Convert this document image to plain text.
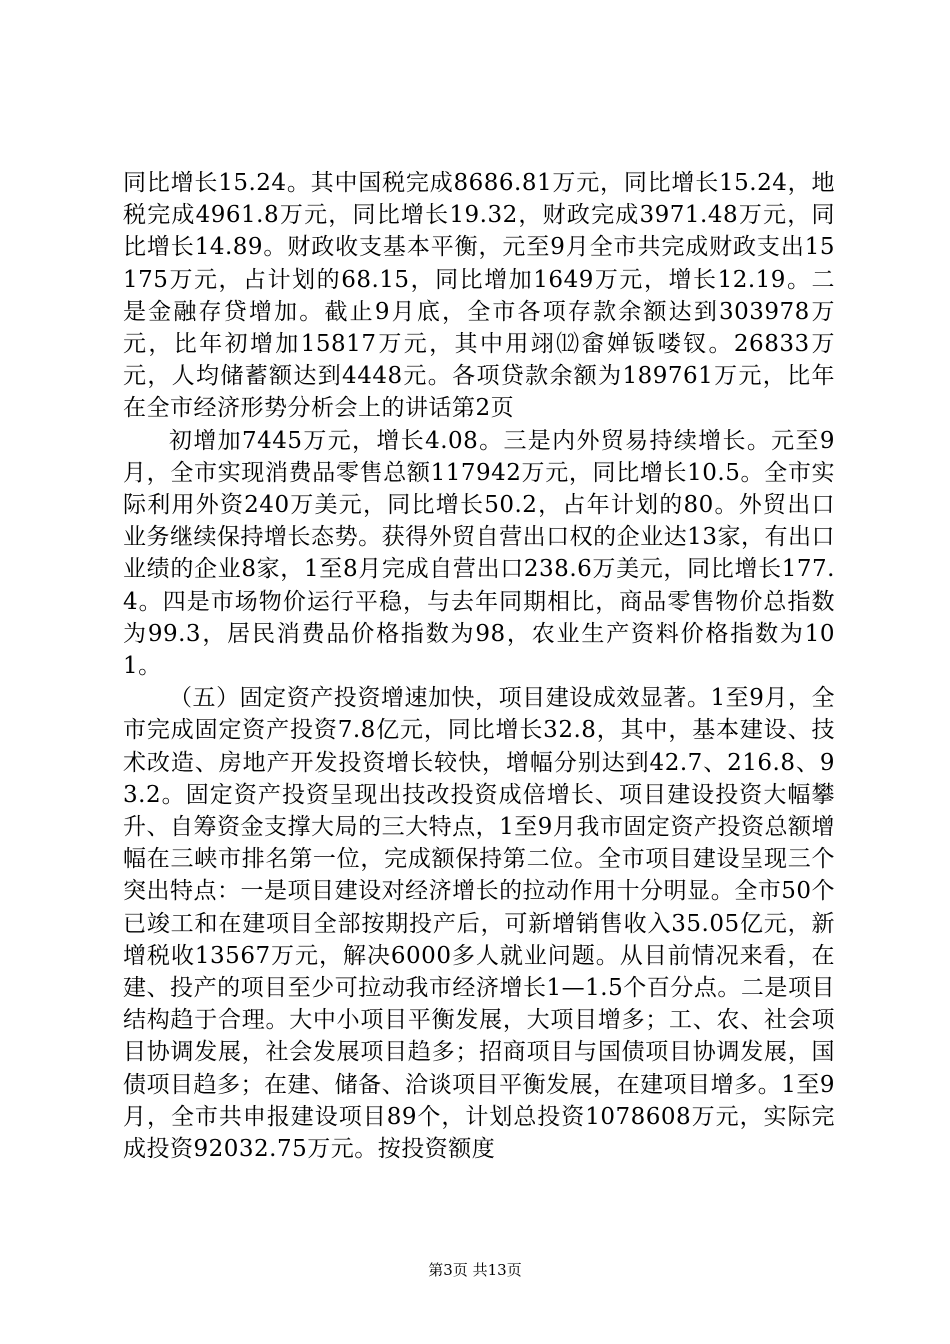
同比增长15.24。其中国税完成8686.81万元，同比增长15.24，地税完成4961.8万元，同比增长19.32，财政完成3971.48万元，同比增长14.89。财政收支基本平衡，元至9月全市共完成财政支出15175万元，占计划的68.15，同比增加1649万元，增长12.19。二是金融存贷增加。截止9月底，全市各项存款余额达到303978万元，比年初增加15817万元，其中用翊⑿畲婵钣喽钗。26833万元，人均储蓄额达到4448元。各项贷款余额为189761万元，比年在全市经济形势分析会上的讲话第2页

初增加7445万元，增长4.08。三是内外贸易持续增长。元至9月，全市实现消费品零售总额117942万元，同比增长10.5。全市实际利用外资240万美元，同比增长50.2，占年计划的80。外贸出口业务继续保持增长态势。获得外贸自营出口权的企业达13家，有出口业绩的企业8家，1至8月完成自营出口238.6万美元，同比增长177.4。四是市场物价运行平稳，与去年同期相比，商品零售物价总指数为99.3，居民消费品价格指数为98，农业生产资料价格指数为101。

（五）固定资产投资增速加快，项目建设成效显著。1至9月，全市完成固定资产投资7.8亿元，同比增长32.8，其中，基本建设、技术改造、房地产开发投资增长较快，增幅分别达到42.7、216.8、93.2。固定资产投资呈现出技改投资成倍增长、项目建设投资大幅攀升、自筹资金支撑大局的三大特点，1至9月我市固定资产投资总额增幅在三峡市排名第一位，完成额保持第二位。全市项目建设呈现三个突出特点：一是项目建设对经济增长的拉动作用十分明显。全市50个已竣工和在建项目全部按期投产后，可新增销售收入35.05亿元，新增税收13567万元，解决6000多人就业问题。从目前情况来看，在建、投产的项目至少可拉动我市经济增长1—1.5个百分点。二是项目结构趋于合理。大中小项目平衡发展，大项目增多；工、农、社会项目协调发展，社会发展项目趋多；招商项目与国债项目协调发展，国债项目趋多；在建、储备、洽谈项目平衡发展，在建项目增多。1至9月，全市共申报建设项目89个，计划总投资1078608万元，实际完成投资92032.75万元。按投资额度

第3页 共13页
